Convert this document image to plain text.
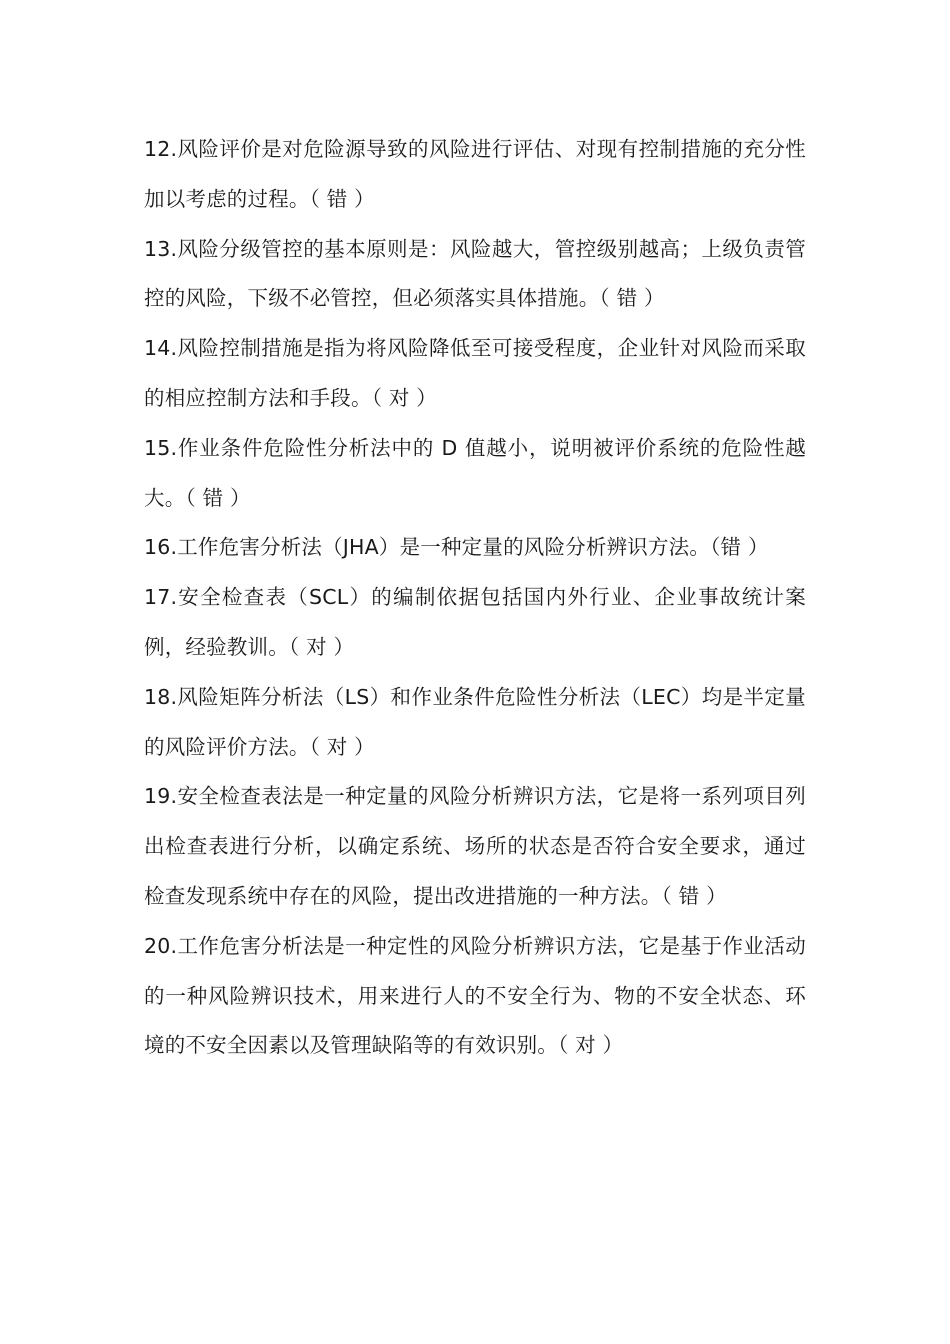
12.风险评价是对危险源导致的风险进行评估、对现有控制措施的充分性加以考虑的过程。（ 错 ）

13.风险分级管控的基本原则是：风险越大，管控级别越高；上级负责管控的风险，下级不必管控，但必须落实具体措施。（ 错 ）

14.风险控制措施是指为将风险降低至可接受程度，企业针对风险而采取的相应控制方法和手段。（ 对 ）

15.作业条件危险性分析法中的 D 值越小，说明被评价系统的危险性越大。（ 错 ）

16.工作危害分析法（JHA）是一种定量的风险分析辨识方法。（错 ）

17.安全检查表（SCL）的编制依据包括国内外行业、企业事故统计案例，经验教训。（ 对 ）

18.风险矩阵分析法（LS）和作业条件危险性分析法（LEC）均是半定量的风险评价方法。（ 对 ）

19.安全检查表法是一种定量的风险分析辨识方法，它是将一系列项目列出检查表进行分析，以确定系统、场所的状态是否符合安全要求，通过检查发现系统中存在的风险，提出改进措施的一种方法。（ 错 ）

20.工作危害分析法是一种定性的风险分析辨识方法，它是基于作业活动的一种风险辨识技术，用来进行人的不安全行为、物的不安全状态、环境的不安全因素以及管理缺陷等的有效识别。（ 对 ）
